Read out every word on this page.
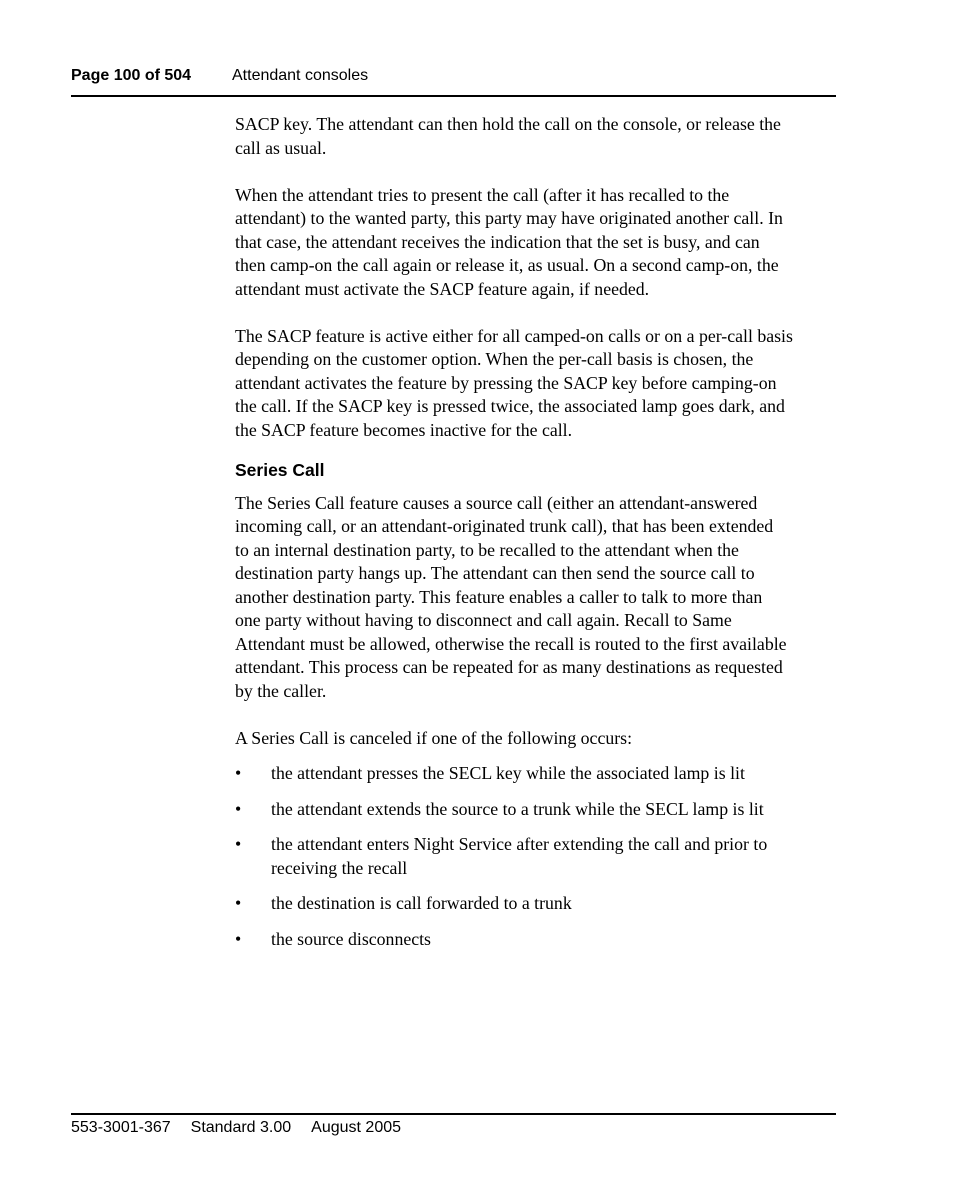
Page 100 of 504	Attendant consoles

SACP key. The attendant can then hold the call on the console, or release the
call as usual.

When the attendant tries to present the call (after it has recalled to the
attendant) to the wanted party, this party may have originated another call. In
that case, the attendant receives the indication that the set is busy, and can
then camp-on the call again or release it, as usual. On a second camp-on, the
attendant must activate the SACP feature again, if needed.

The SACP feature is active either for all camped-on calls or on a per-call basis
depending on the customer option. When the per-call basis is chosen, the
attendant activates the feature by pressing the SACP key before camping-on
the call. If the SACP key is pressed twice, the associated lamp goes dark, and
the SACP feature becomes inactive for the call.

Series Call

The Series Call feature causes a source call (either an attendant-answered
incoming call, or an attendant-originated trunk call), that has been extended
to an internal destination party, to be recalled to the attendant when the
destination party hangs up. The attendant can then send the source call to
another destination party. This feature enables a caller to talk to more than
one party without having to disconnect and call again. Recall to Same
Attendant must be allowed, otherwise the recall is routed to the first available
attendant. This process can be repeated for as many destinations as requested
by the caller.

A Series Call is canceled if one of the following occurs:

• the attendant presses the SECL key while the associated lamp is lit
• the attendant extends the source to a trunk while the SECL lamp is lit
• the attendant enters Night Service after extending the call and prior to
receiving the recall
• the destination is call forwarded to a trunk
• the source disconnects
553-3001-367 Standard 3.00 August 2005
